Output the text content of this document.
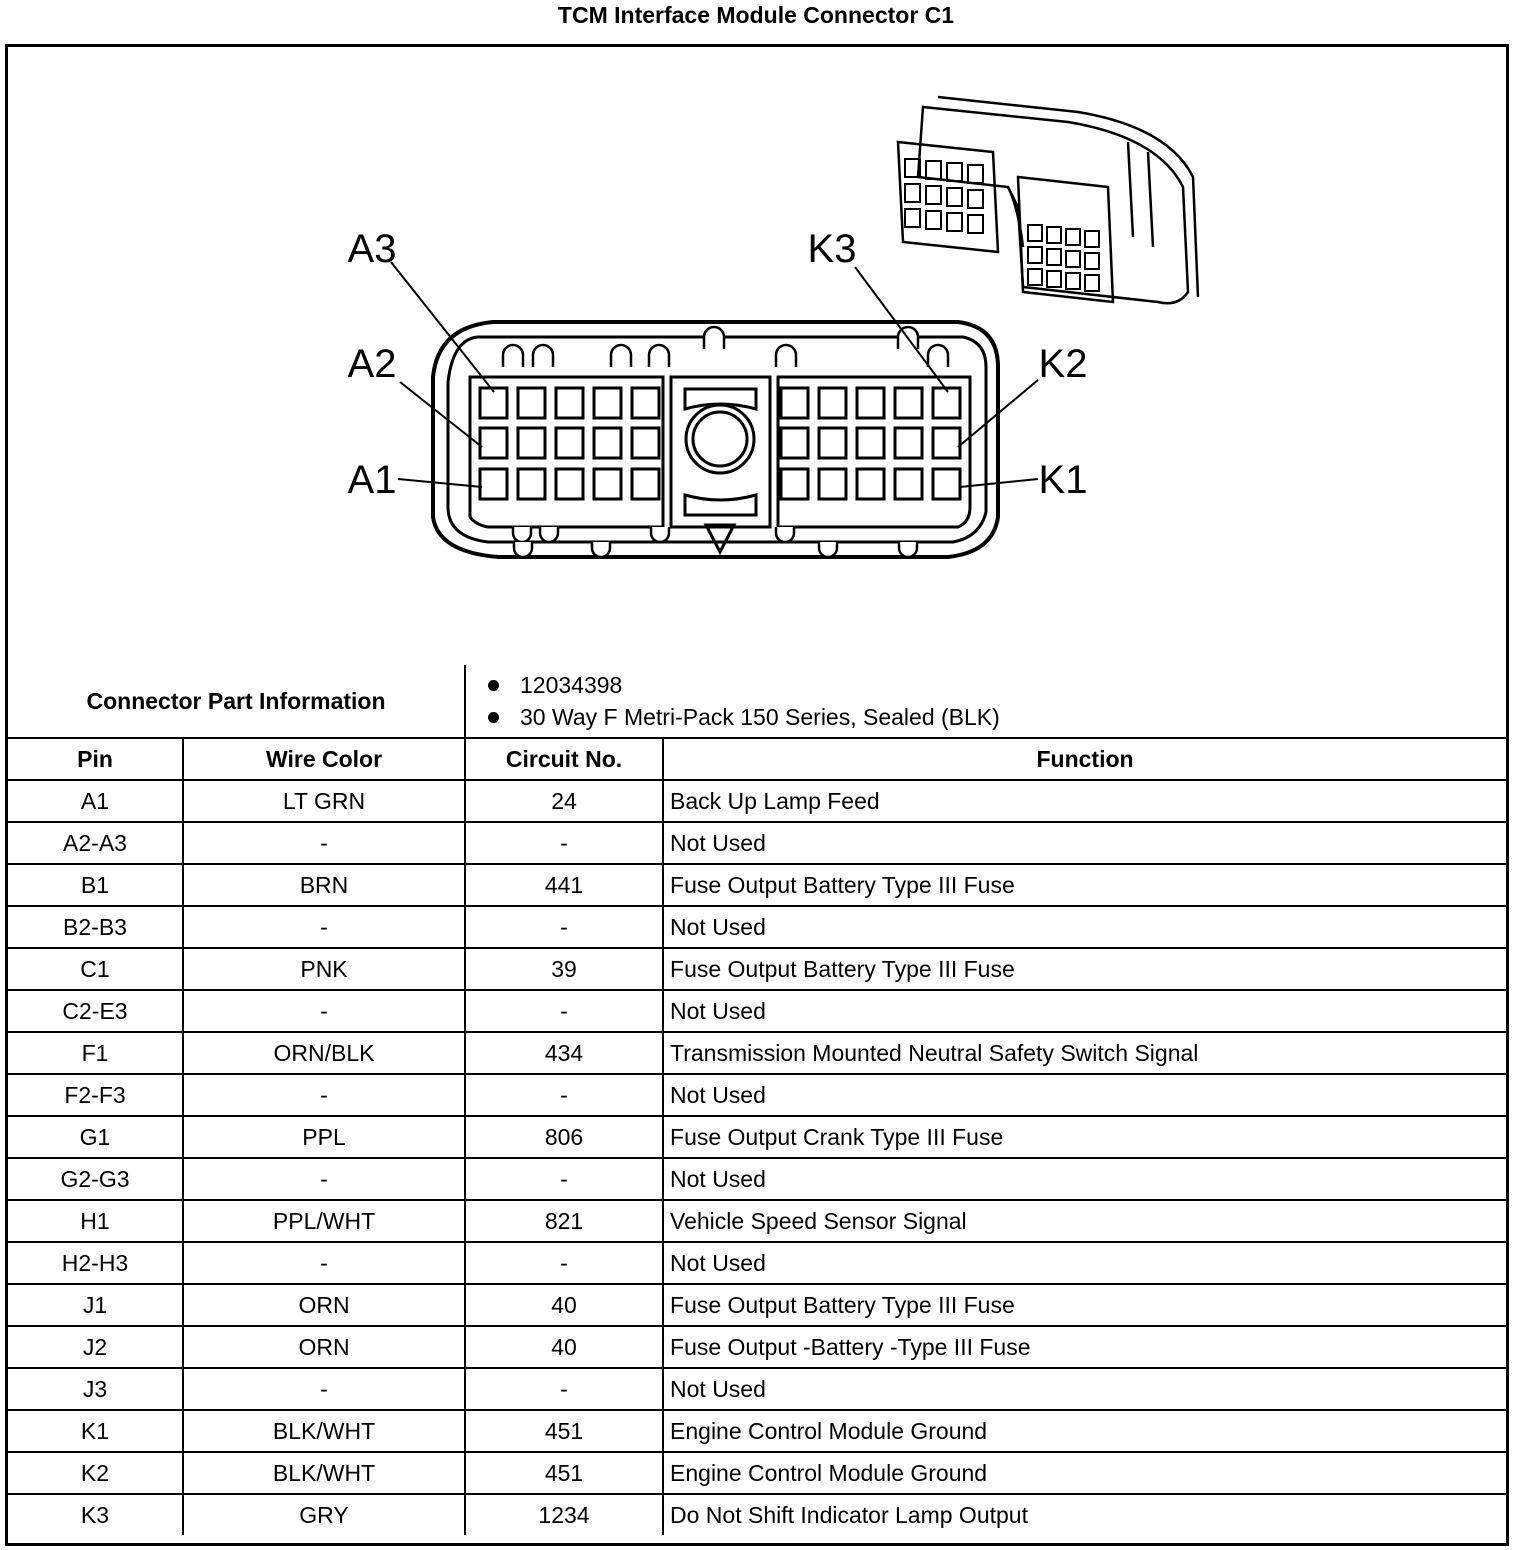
TCM Interface Module Connector C1
A3
A2
A1
K3
K2
K1
Connector Part Information		12034398
30 Way F Metri-Pack 150 Series, Sealed (BLK)	

Pin	Wire Color	Circuit No.	Function
A1	LT GRN	24	Back Up Lamp Feed
A2-A3	-	-	Not Used
B1	BRN	441	Fuse Output Battery Type III Fuse
B2-B3	-	-	Not Used
C1	PNK	39	Fuse Output Battery Type III Fuse
C2-E3	-	-	Not Used
F1	ORN/BLK	434	Transmission Mounted Neutral Safety Switch Signal
F2-F3	-	-	Not Used
G1	PPL	806	Fuse Output Crank Type III Fuse
G2-G3	-	-	Not Used
H1	PPL/WHT	821	Vehicle Speed Sensor Signal
H2-H3	-	-	Not Used
J1	ORN	40	Fuse Output Battery Type III Fuse
J2	ORN	40	Fuse Output -Battery -Type III Fuse
J3	-	-	Not Used
K1	BLK/WHT	451	Engine Control Module Ground
K2	BLK/WHT	451	Engine Control Module Ground
K3	GRY	1234	Do Not Shift Indicator Lamp Output
